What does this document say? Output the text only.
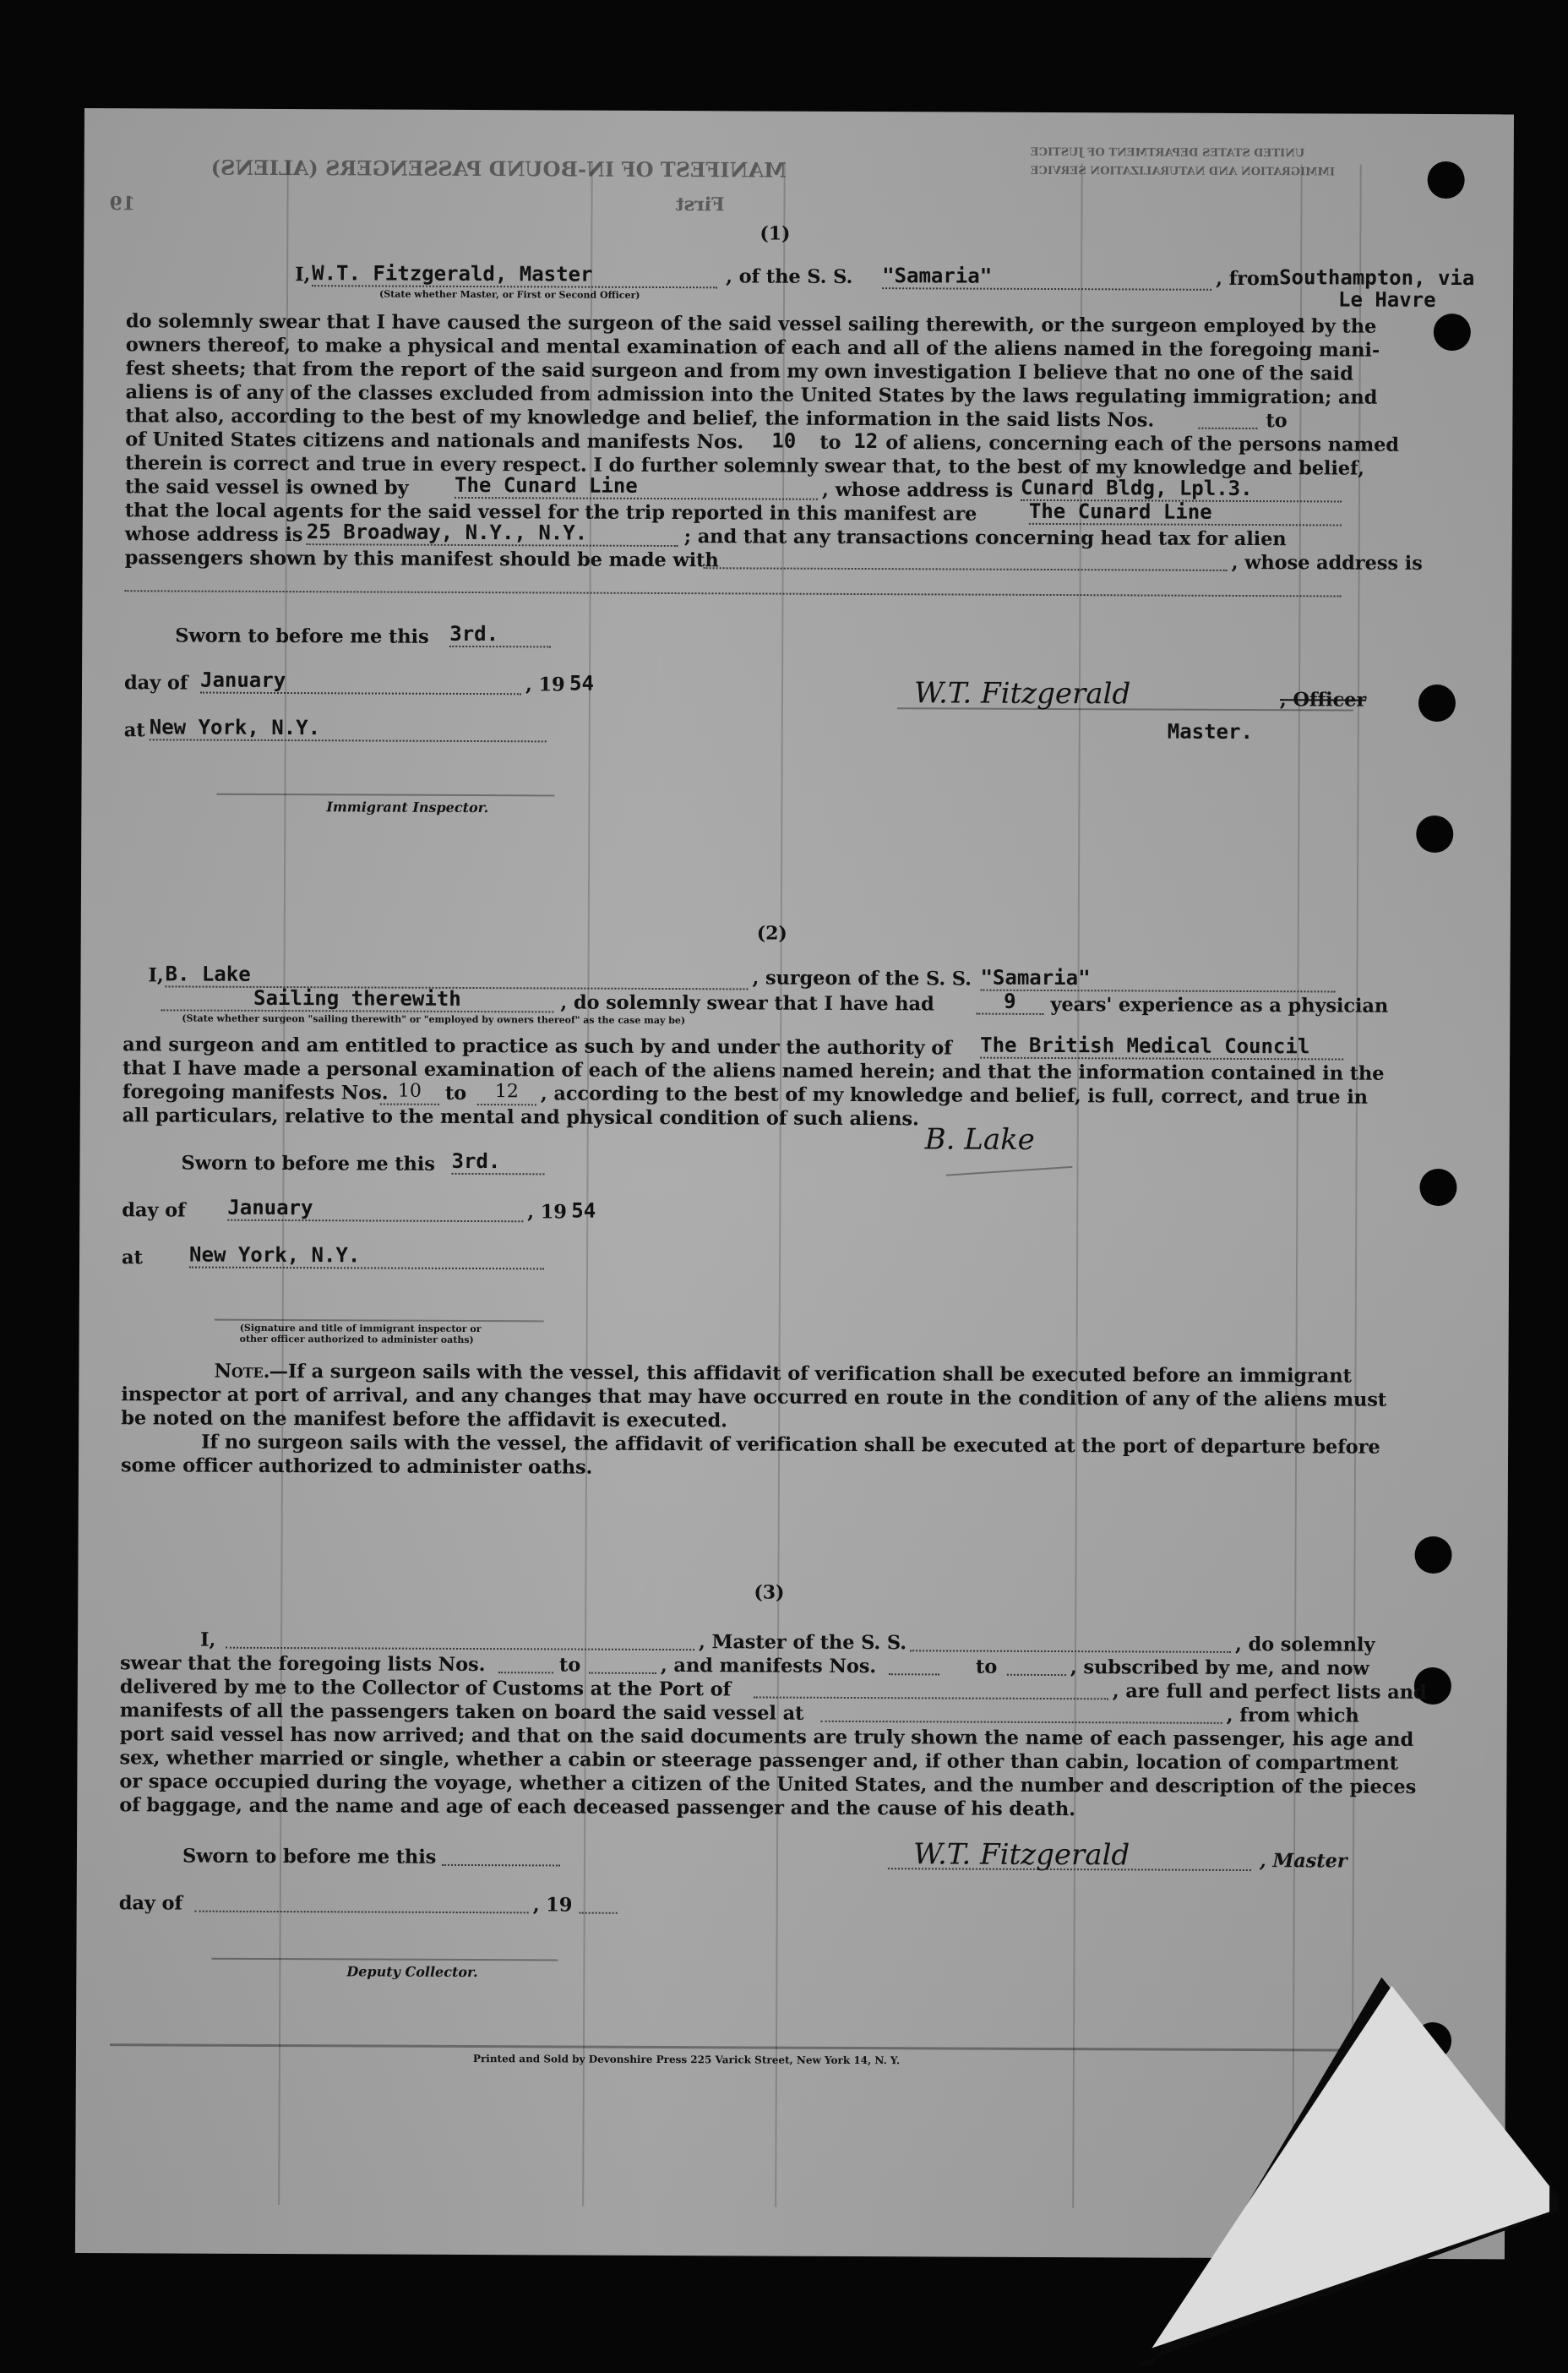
MANIFEST OF IN-BOUND PASSENGERS (ALIENS)
UNITED STATES DEPARTMENT OF JUSTICE
IMMIGRATION AND NATURALIZATION SERVICE
First
19
(1)
I, W.T. Fitzgerald, Master	, of the S. S. "Samaria"	, from Southampton, via
Le Havre
(State whether Master, or First or Second Officer)
do solemnly swear that I have caused the surgeon of the said vessel sailing therewith, or the surgeon employed by the
owners thereof, to make a physical and mental examination of each and all of the aliens named in the foregoing mani-
fest sheets; that from the report of the said surgeon and from my own investigation I believe that no one of the said
aliens is of any of the classes excluded from admission into the United States by the laws regulating immigration; and
that also, according to the best of my knowledge and belief, the information in the said lists Nos.	to
of United States citizens and nationals and manifests Nos. 10 to 12 of aliens, concerning each of the persons named
therein is correct and true in every respect. I do further solemnly swear that, to the best of my knowledge and belief,
the said vessel is owned by The Cunard Line	, whose address is Cunard Bldg, Lpl.3.
that the local agents for the said vessel for the trip reported in this manifest are	The Cunard Line
whose address is 25 Broadway, N.Y., N.Y.	; and that any transactions concerning head tax for alien
passengers shown by this manifest should be made with	, whose address is
Sworn to before me this 3rd.
day of January	, 19 54
at New York, N.Y.
Immigrant Inspector.
W.T. Fitzgerald	, Officer
Master.
(2)
I, B. Lake	, surgeon of the S. S. "Samaria"
Sailing therewith	, do solemnly swear that I have had	9	years' experience as a physician
(State whether surgeon "sailing therewith" or "employed by owners thereof" as the case may be)
and surgeon and am entitled to practice as such by and under the authority of The British Medical Council
that I have made a personal examination of each of the aliens named herein; and that the information contained in the
foregoing manifests Nos. 10	to	12	, according to the best of my knowledge and belief, is full, correct, and true in
all particulars, relative to the mental and physical condition of such aliens.
B. Lake
Sworn to before me this 3rd.
day of January	, 19 54
at New York, N.Y.
(Signature and title of immigrant inspector or
other officer authorized to administer oaths)
Note.
—If a surgeon sails with the vessel, this affidavit of verification shall be executed before an immigrant
inspector at port of arrival, and any changes that may have occurred en route in the condition of any of the aliens must
be noted on the manifest before the affidavit is executed.
If no surgeon sails with the vessel, the affidavit of verification shall be executed at the port of departure before
some officer authorized to administer oaths.
(3)
I,	, Master of the S. S.	, do solemnly
swear that the foregoing lists Nos.	to	, and manifests Nos.	to	, subscribed by me, and now
delivered by me to the Collector of Customs at the Port of	, are full and perfect lists and
manifests of all the passengers taken on board the said vessel at	, from which
port said vessel has now arrived; and that on the said documents are truly shown the name of each passenger, his age and
sex, whether married or single, whether a cabin or steerage passenger and, if other than cabin, location of compartment
or space occupied during the voyage, whether a citizen of the United States, and the number and description of the pieces
of baggage, and the name and age of each deceased passenger and the cause of his death.
Sworn to before me this	W.T. Fitzgerald	, Master
day of	, 19
Deputy Collector.
Printed and Sold by Devonshire Press 225 Varick Street, New York 14, N. Y.
